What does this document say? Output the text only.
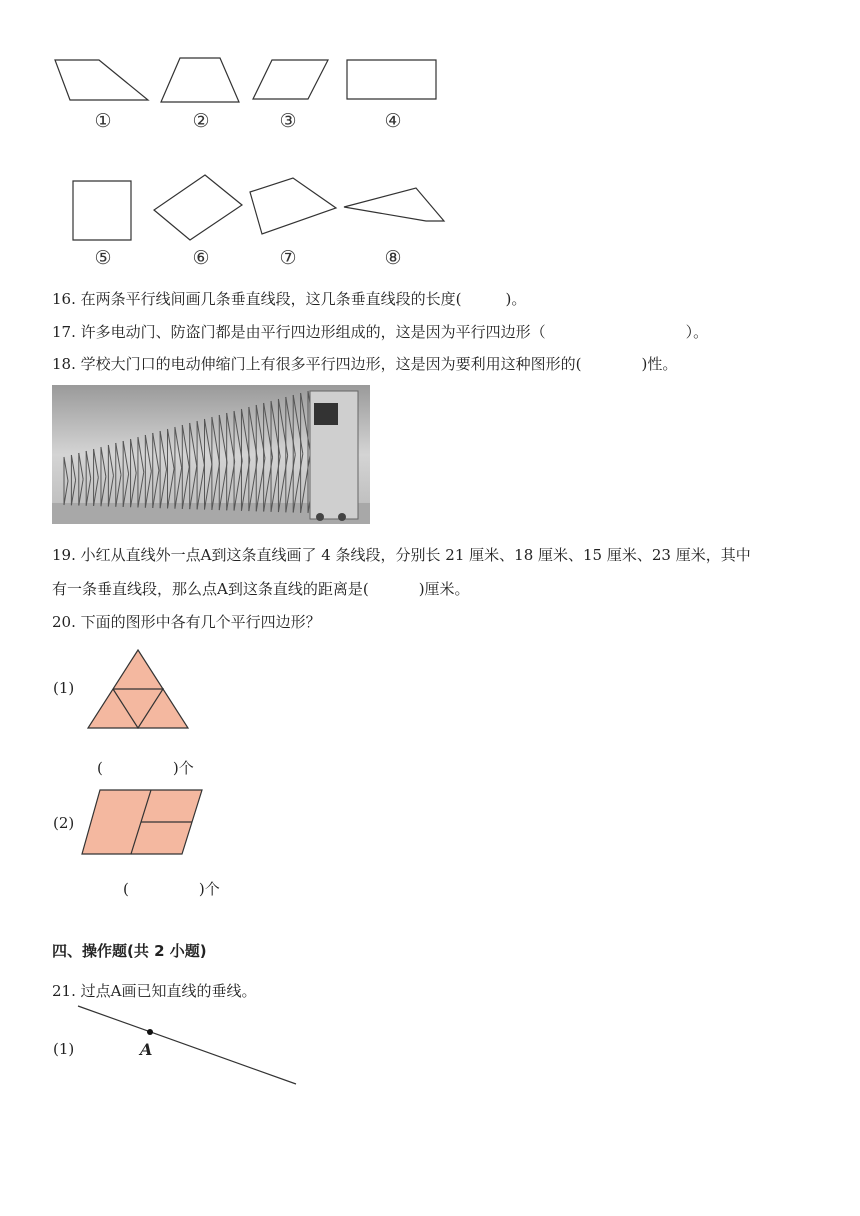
①	②	③	④
⑤	⑥	⑦	⑧
16. 在两条平行线间画几条垂直线段，这几条垂直线段的长度(	)。
17. 许多电动门、防盗门都是由平行四边形组成的，这是因为平行四边形（	）。
18. 学校大门口的电动伸缩门上有很多平行四边形，这是因为要利用这种图形的(	)性。
19. 小红从直线外一点A到这条直线画了 4 条线段，分别长 21 厘米、18 厘米、15 厘米、23 厘米，其中
有一条垂直线段，那么点A到这条直线的距离是(	)厘米。
20. 下面的图形中各有几个平行四边形？
(1)
(	)个
(2)
(	)个
四、操作题(共 2 小题)
21. 过点A画已知直线的垂线。
(1)	A
